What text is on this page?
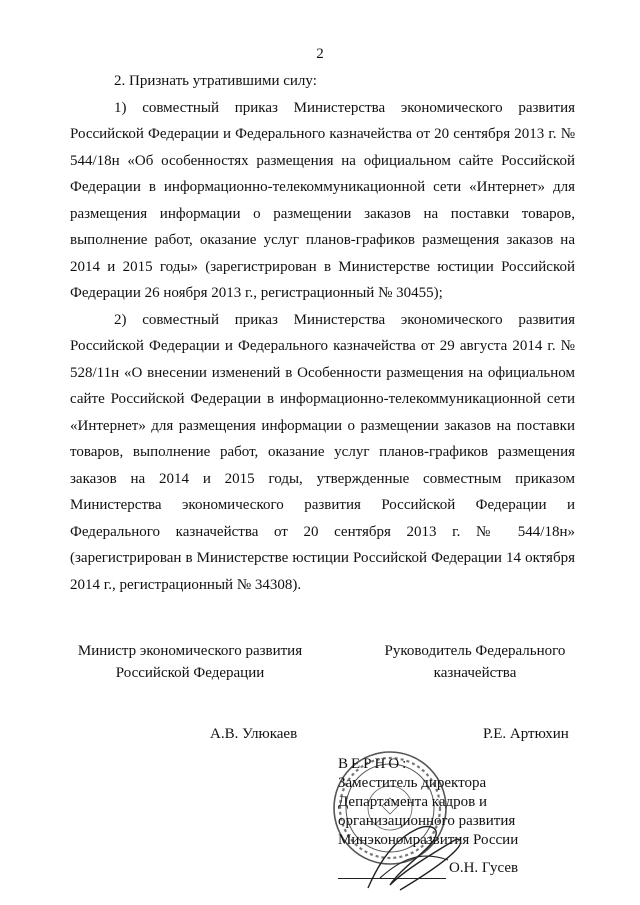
2

2. Признать утратившими силу:

1) совместный приказ Министерства экономического развития Российской Федерации и Федерального казначейства от 20 сентября 2013 г. № 544/18н «Об особенностях размещения на официальном сайте Российской Федерации в информационно-телекоммуникационной сети «Интернет» для размещения информации о размещении заказов на поставки товаров, выполнение работ, оказание услуг планов-графиков размещения заказов на 2014 и 2015 годы» (зарегистрирован в Министерстве юстиции Российской Федерации 26 ноября 2013 г., регистрационный № 30455);

2) совместный приказ Министерства экономического развития Российской Федерации и Федерального казначейства от 29 августа 2014 г. № 528/11н «О внесении изменений в Особенности размещения на официальном сайте Российской Федерации в информационно-телекоммуникационной сети «Интернет» для размещения информации о размещении заказов на поставки товаров, выполнение работ, оказание услуг планов-графиков размещения заказов на 2014 и 2015 годы, утвержденные совместным приказом Министерства экономического развития Российской Федерации и Федерального казначейства от 20 сентября 2013 г. № 544/18н» (зарегистрирован в Министерстве юстиции Российской Федерации 14 октября 2014 г., регистрационный № 34308).

Министр экономического развития
Российской Федерации
Руководитель Федерального
казначейства
А.В. Улюкаев	Р.Е. Артюхин
ВЕРНО:
Заместитель директора
Департамента кадров и
организационного развития
Минэкономразвития России
О.Н. Гусев
